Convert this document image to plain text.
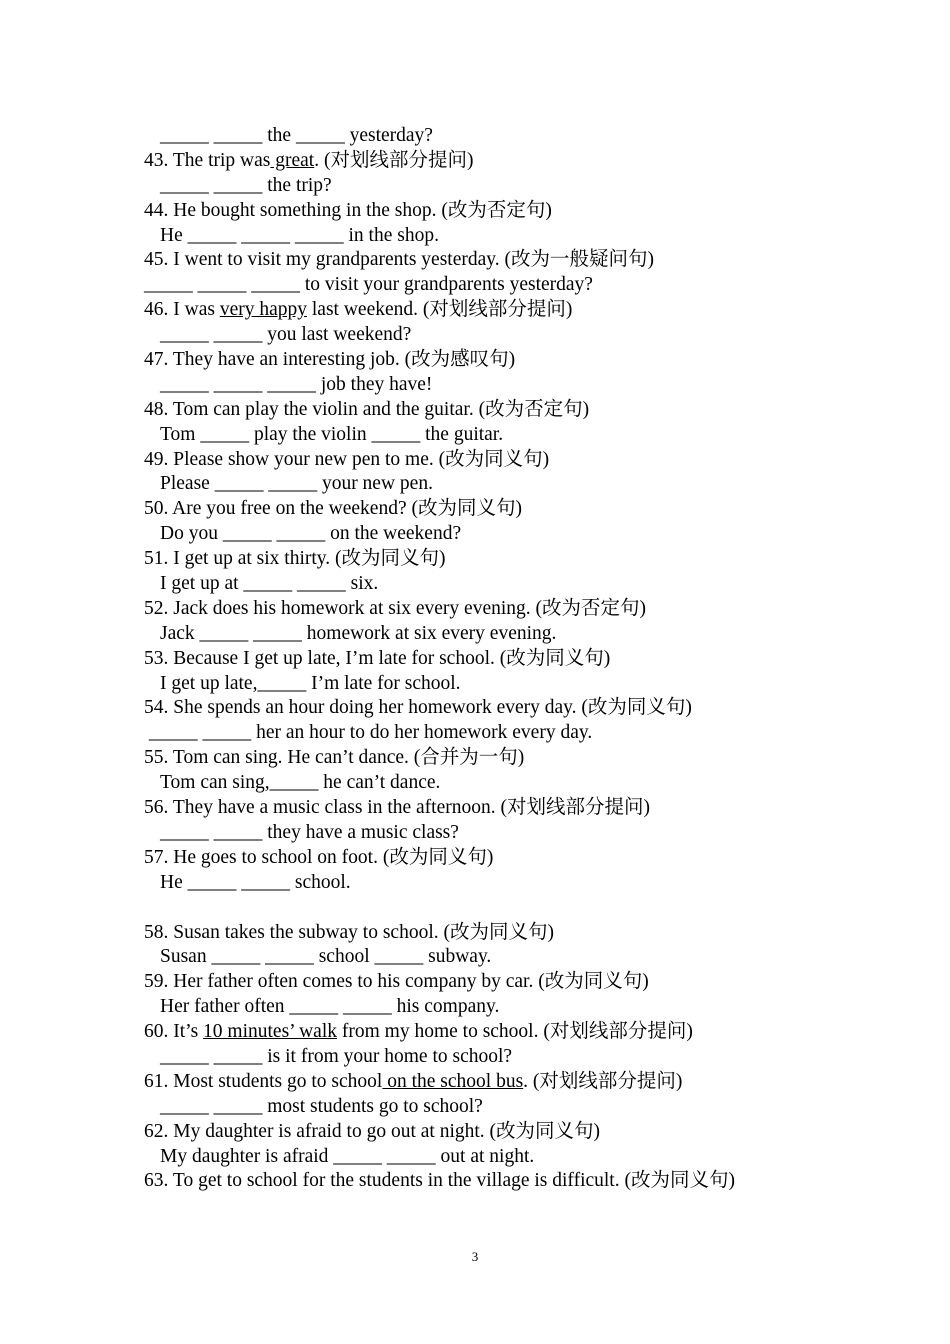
_____ _____ the _____ yesterday?
43. The trip was great. (对划线部分提问)
_____ _____ the trip?
44. He bought something in the shop. (改为否定句)
He _____ _____ _____ in the shop.
45. I went to visit my grandparents yesterday. (改为一般疑问句)
_____ _____ _____ to visit your grandparents yesterday?
46. I was very happy last weekend. (对划线部分提问)
_____ _____ you last weekend?
47. They have an interesting job. (改为感叹句)
_____ _____ _____ job they have!
48. Tom can play the violin and the guitar. (改为否定句)
Tom _____ play the violin _____ the guitar.
49. Please show your new pen to me. (改为同义句)
Please _____ _____ your new pen.
50. Are you free on the weekend? (改为同义句)
Do you _____ _____ on the weekend?
51. I get up at six thirty. (改为同义句)
I get up at _____ _____ six.
52. Jack does his homework at six every evening. (改为否定句)
Jack _____ _____ homework at six every evening.
53. Because I get up late, I’m late for school. (改为同义句)
I get up late,_____ I’m late for school.
54. She spends an hour doing her homework every day. (改为同义句)
_____ _____ her an hour to do her homework every day.
55. Tom can sing. He can’t dance. (合并为一句)
Tom can sing,_____ he can’t dance.
56. They have a music class in the afternoon. (对划线部分提问)
_____ _____ they have a music class?
57. He goes to school on foot. (改为同义句)
He _____ _____ school.
58. Susan takes the subway to school. (改为同义句)
Susan _____ _____ school _____ subway.
59. Her father often comes to his company by car. (改为同义句)
Her father often _____ _____ his company.
60. It’s 10 minutes’ walk from my home to school. (对划线部分提问)
_____ _____ is it from your home to school?
61. Most students go to school on the school bus. (对划线部分提问)
_____ _____ most students go to school?
62. My daughter is afraid to go out at night. (改为同义句)
My daughter is afraid _____ _____ out at night.
63. To get to school for the students in the village is difficult. (改为同义句)
3
